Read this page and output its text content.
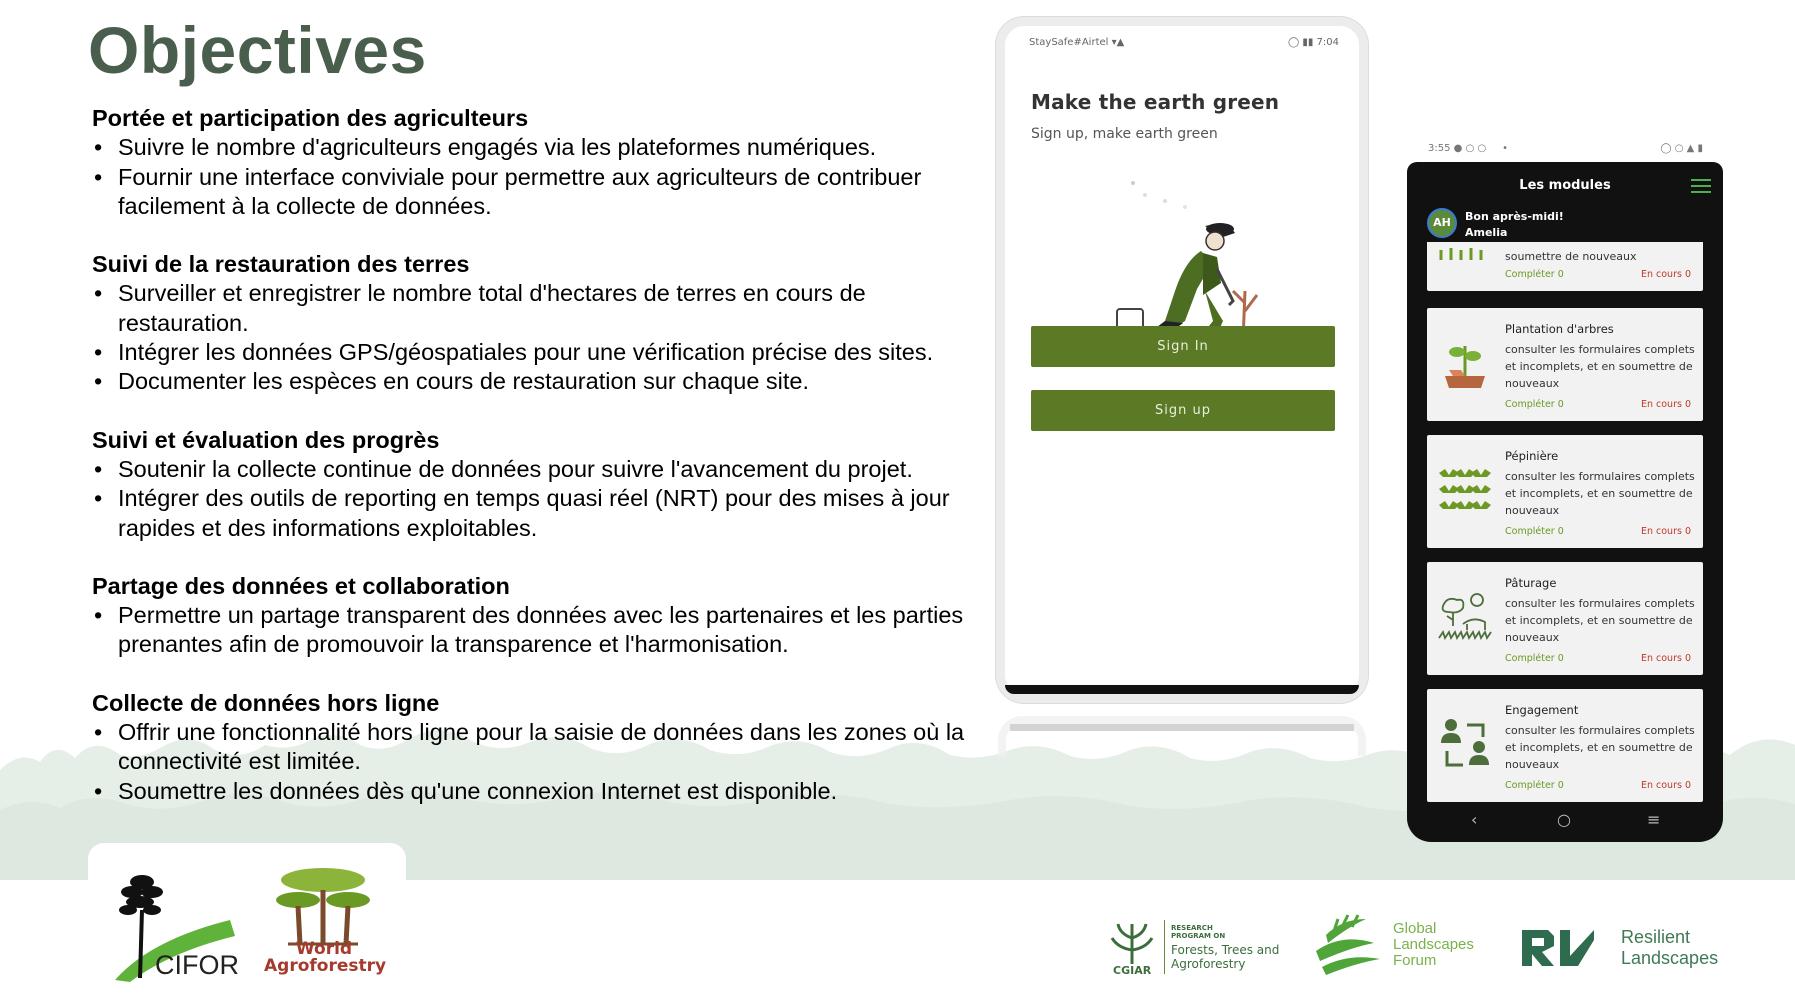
Objectives
Portée et participation des agriculteurs
• Suivre le nombre d'agriculteurs engagés via les plateformes numériques.
• Fournir une interface conviviale pour permettre aux agriculteurs de contribuer facilement à la collecte de données.
Suivi de la restauration des terres
• Surveiller et enregistrer le nombre total d'hectares de terres en cours de restauration.
• Intégrer les données GPS/géospatiales pour une vérification précise des sites.
• Documenter les espèces en cours de restauration sur chaque site.
Suivi et évaluation des progrès
• Soutenir la collecte continue de données pour suivre l'avancement du projet.
• Intégrer des outils de reporting en temps quasi réel (NRT) pour des mises à jour rapides et des informations exploitables.
Partage des données et collaboration
• Permettre un partage transparent des données avec les partenaires et les parties prenantes afin de promouvoir la transparence et l'harmonisation.
Collecte de données hors ligne
• Offrir une fonctionnalité hors ligne pour la saisie de données dans les zones où la connectivité est limitée.
• Soumettre les données dès qu'une connexion Internet est disponible.
StaySafe#Airtel ▾▲	◯ ▮▮ 7:04
Make the earth green
Sign up, make earth green
Sign In
Sign up
3:55 ● ○ ○     •	◯ ○ ▲ ▮
Les modules
AH	Bon après-midi!
Amelia
soumettre de nouveaux
Compléter 0	En cours 0
Plantation d'arbres
consulter les formulaires complets et incomplets, et en soumettre de nouveaux
Compléter 0	En cours 0
Pépinière
consulter les formulaires complets et incomplets, et en soumettre de nouveaux
Compléter 0	En cours 0
Pâturage
consulter les formulaires complets et incomplets, et en soumettre de nouveaux
Compléter 0	En cours 0
Engagement
consulter les formulaires complets et incomplets, et en soumettre de nouveaux
Compléter 0	En cours 0
‹	○	≡
CIFOR
World
Agroforestry	CGIAR
RESEARCH
PROGRAM ON
Forests, Trees and
Agroforestry
Global
Landscapes
Forum
Resilient
Landscapes
